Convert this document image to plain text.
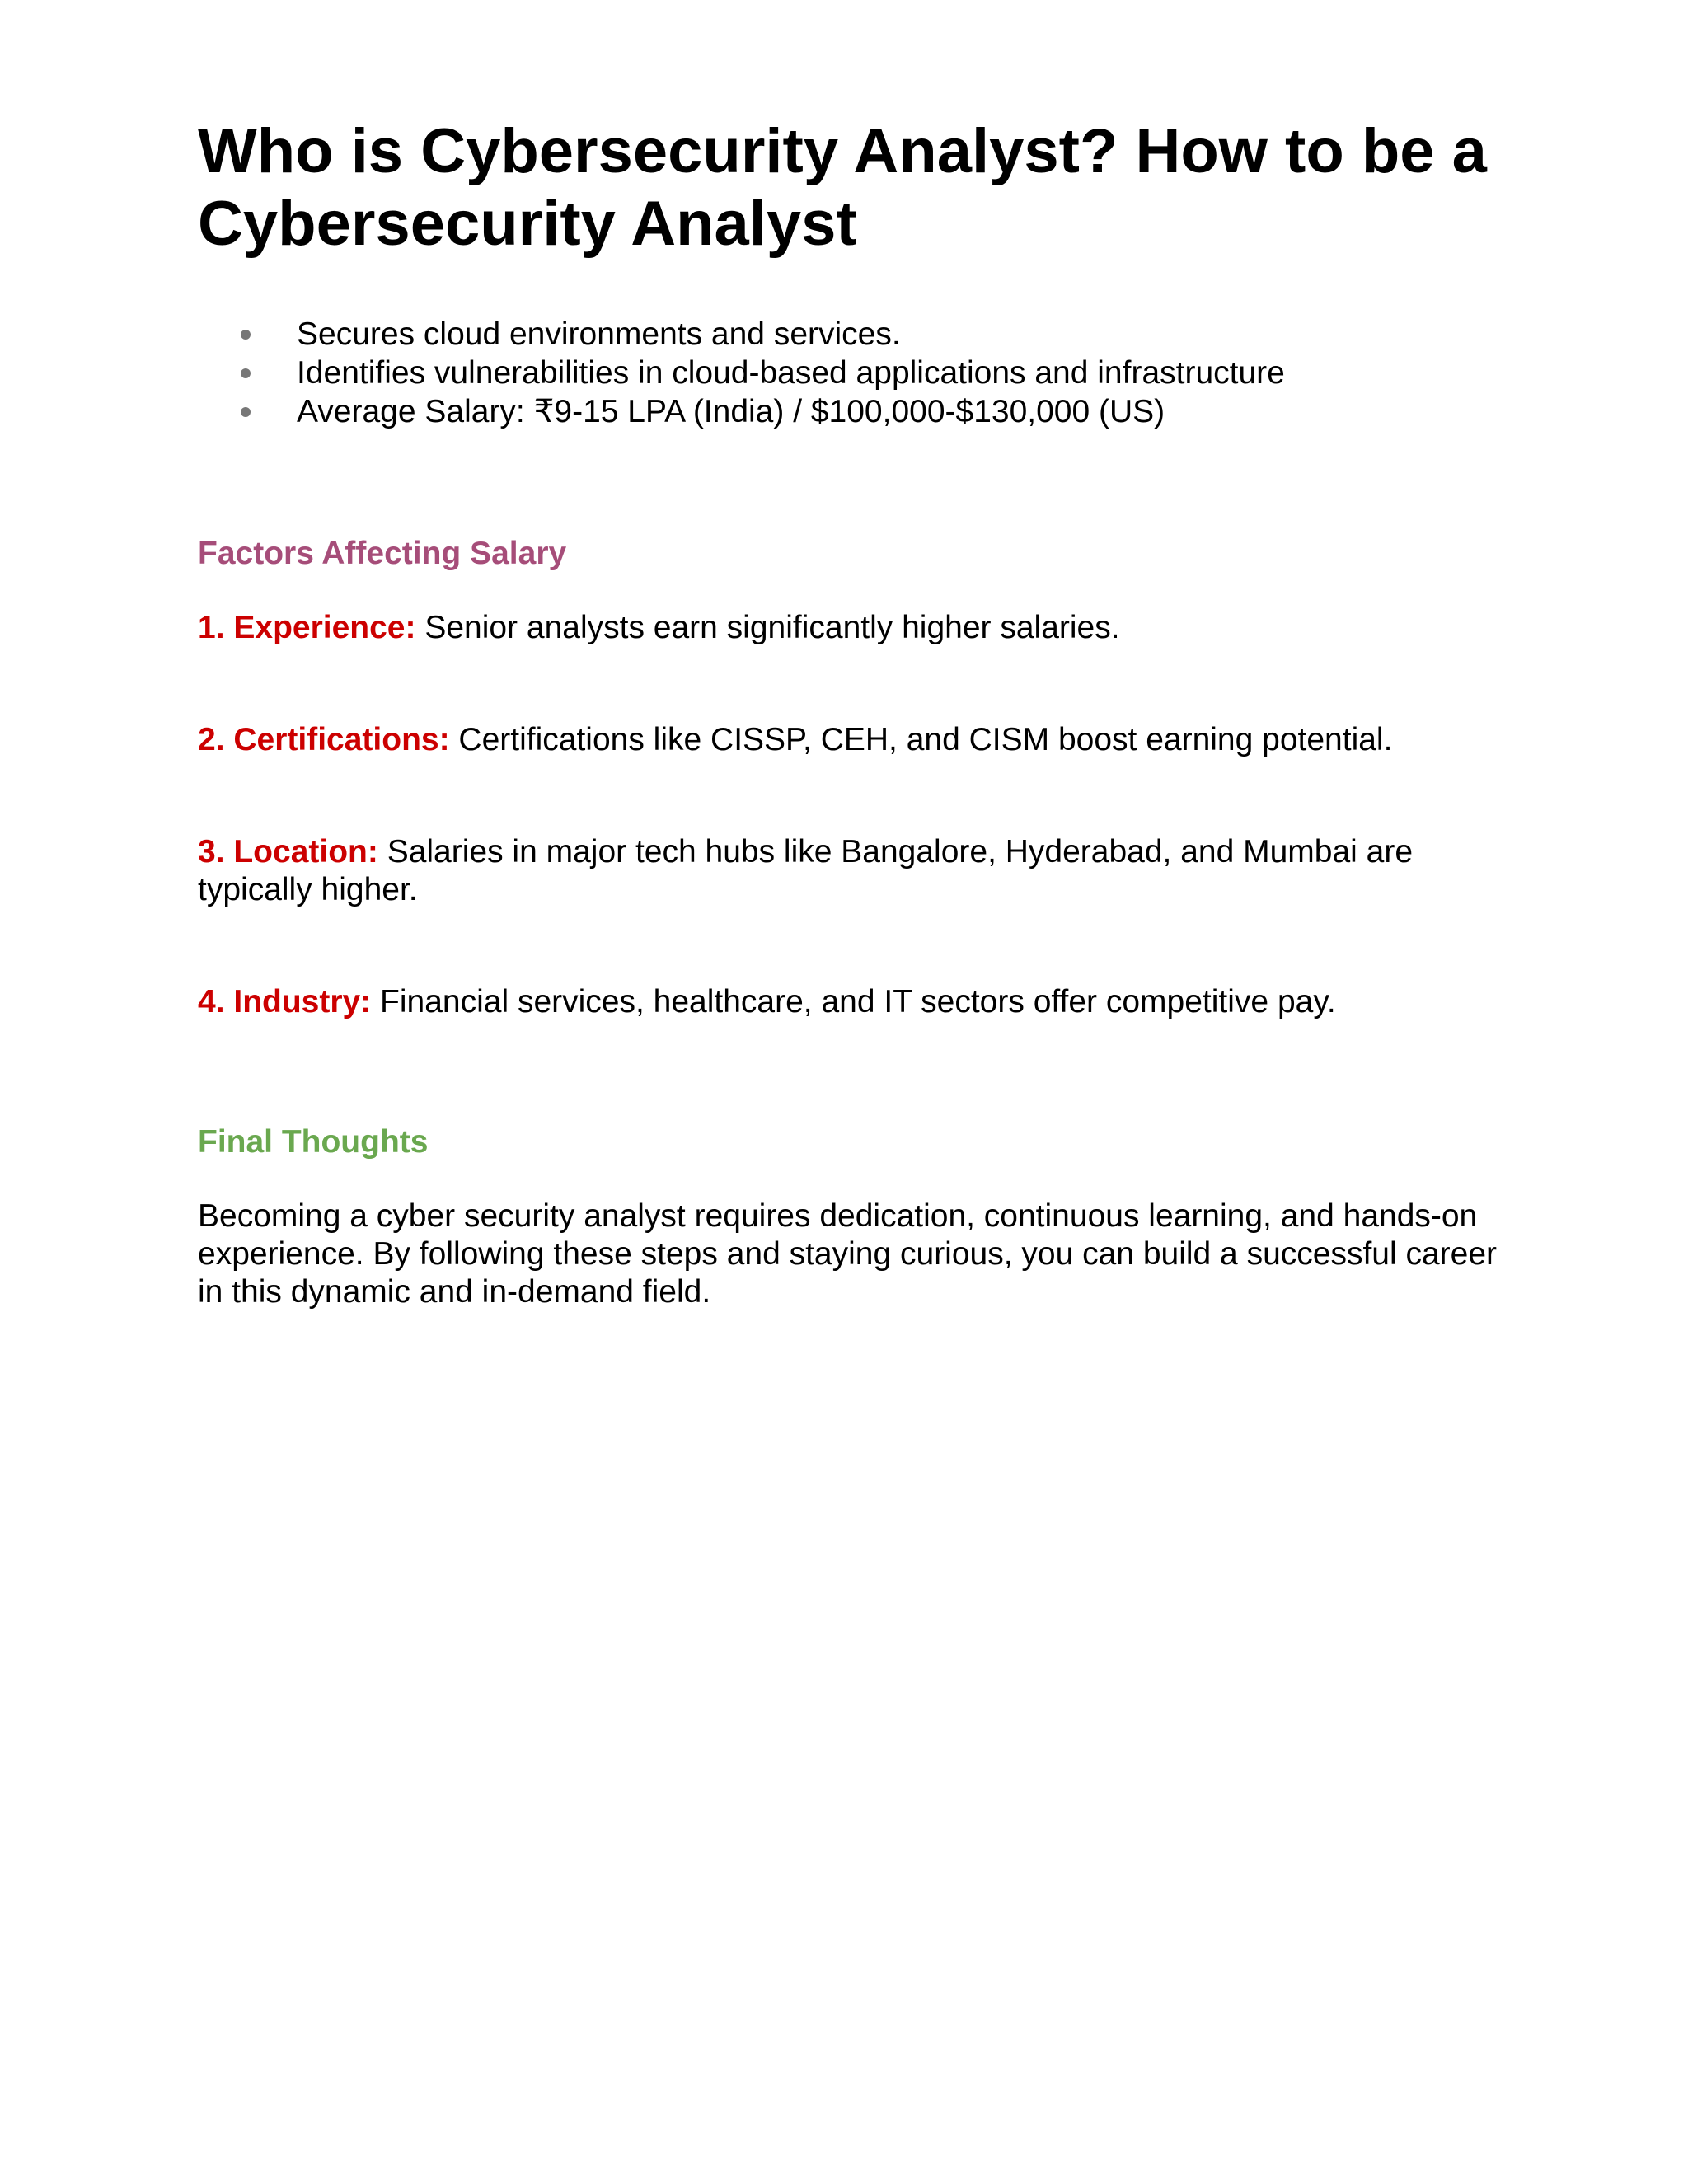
Who is Cybersecurity Analyst? How to be a Cybersecurity Analyst
Secures cloud environments and services.
Identifies vulnerabilities in cloud-based applications and infrastructure
Average Salary: ₹9-15 LPA (India) / $100,000-$130,000 (US)
Factors Affecting Salary

1. Experience: Senior analysts earn significantly higher salaries.

2. Certifications: Certifications like CISSP, CEH, and CISM boost earning potential.

3. Location: Salaries in major tech hubs like Bangalore, Hyderabad, and Mumbai are typically higher.

4. Industry: Financial services, healthcare, and IT sectors offer competitive pay.

Final Thoughts

Becoming a cyber security analyst requires dedication, continuous learning, and hands-on experience. By following these steps and staying curious, you can build a successful career in this dynamic and in-demand field.
